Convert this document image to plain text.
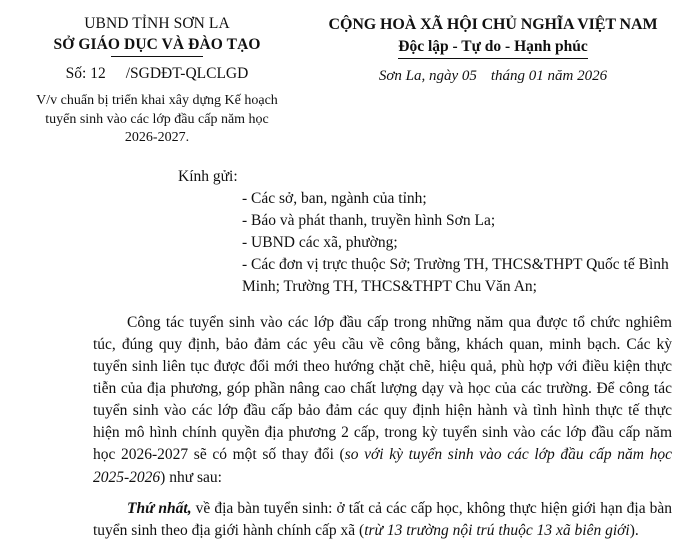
UBND TỈNH SƠN LA
SỞ GIÁO DỤC VÀ ĐÀO TẠO
Số: 12 /SGDĐT-QLCLGD
V/v chuẩn bị triển khai xây dựng Kế hoạch tuyển sinh vào các lớp đầu cấp năm học 2026-2027.
CỘNG HOÀ XÃ HỘI CHỦ NGHĨA VIỆT NAM
Độc lập - Tự do - Hạnh phúc
Sơn La, ngày 05 tháng 01 năm 2026
Kính gửi:
- Các sở, ban, ngành của tỉnh;
- Báo và phát thanh, truyền hình Sơn La;
- UBND các xã, phường;
- Các đơn vị trực thuộc Sở; Trường TH, THCS&THPT Quốc tế Bình Minh; Trường TH, THCS&THPT Chu Văn An;

Công tác tuyển sinh vào các lớp đầu cấp trong những năm qua được tổ chức nghiêm túc, đúng quy định, bảo đảm các yêu cầu về công bằng, khách quan, minh bạch. Các kỳ tuyển sinh liên tục được đổi mới theo hướng chặt chẽ, hiệu quả, phù hợp với điều kiện thực tiễn của địa phương, góp phần nâng cao chất lượng dạy và học của các trường. Để công tác tuyển sinh vào các lớp đầu cấp bảo đảm các quy định hiện hành và tình hình thực tế thực hiện mô hình chính quyền địa phương 2 cấp, trong kỳ tuyển sinh vào các lớp đầu cấp năm học 2026-2027 sẽ có một số thay đổi (so với kỳ tuyển sinh vào các lớp đầu cấp năm học 2025-2026) như sau:

Thứ nhất, về địa bàn tuyển sinh: ở tất cả các cấp học, không thực hiện giới hạn địa bàn tuyển sinh theo địa giới hành chính cấp xã (trừ 13 trường nội trú thuộc 13 xã biên giới).
